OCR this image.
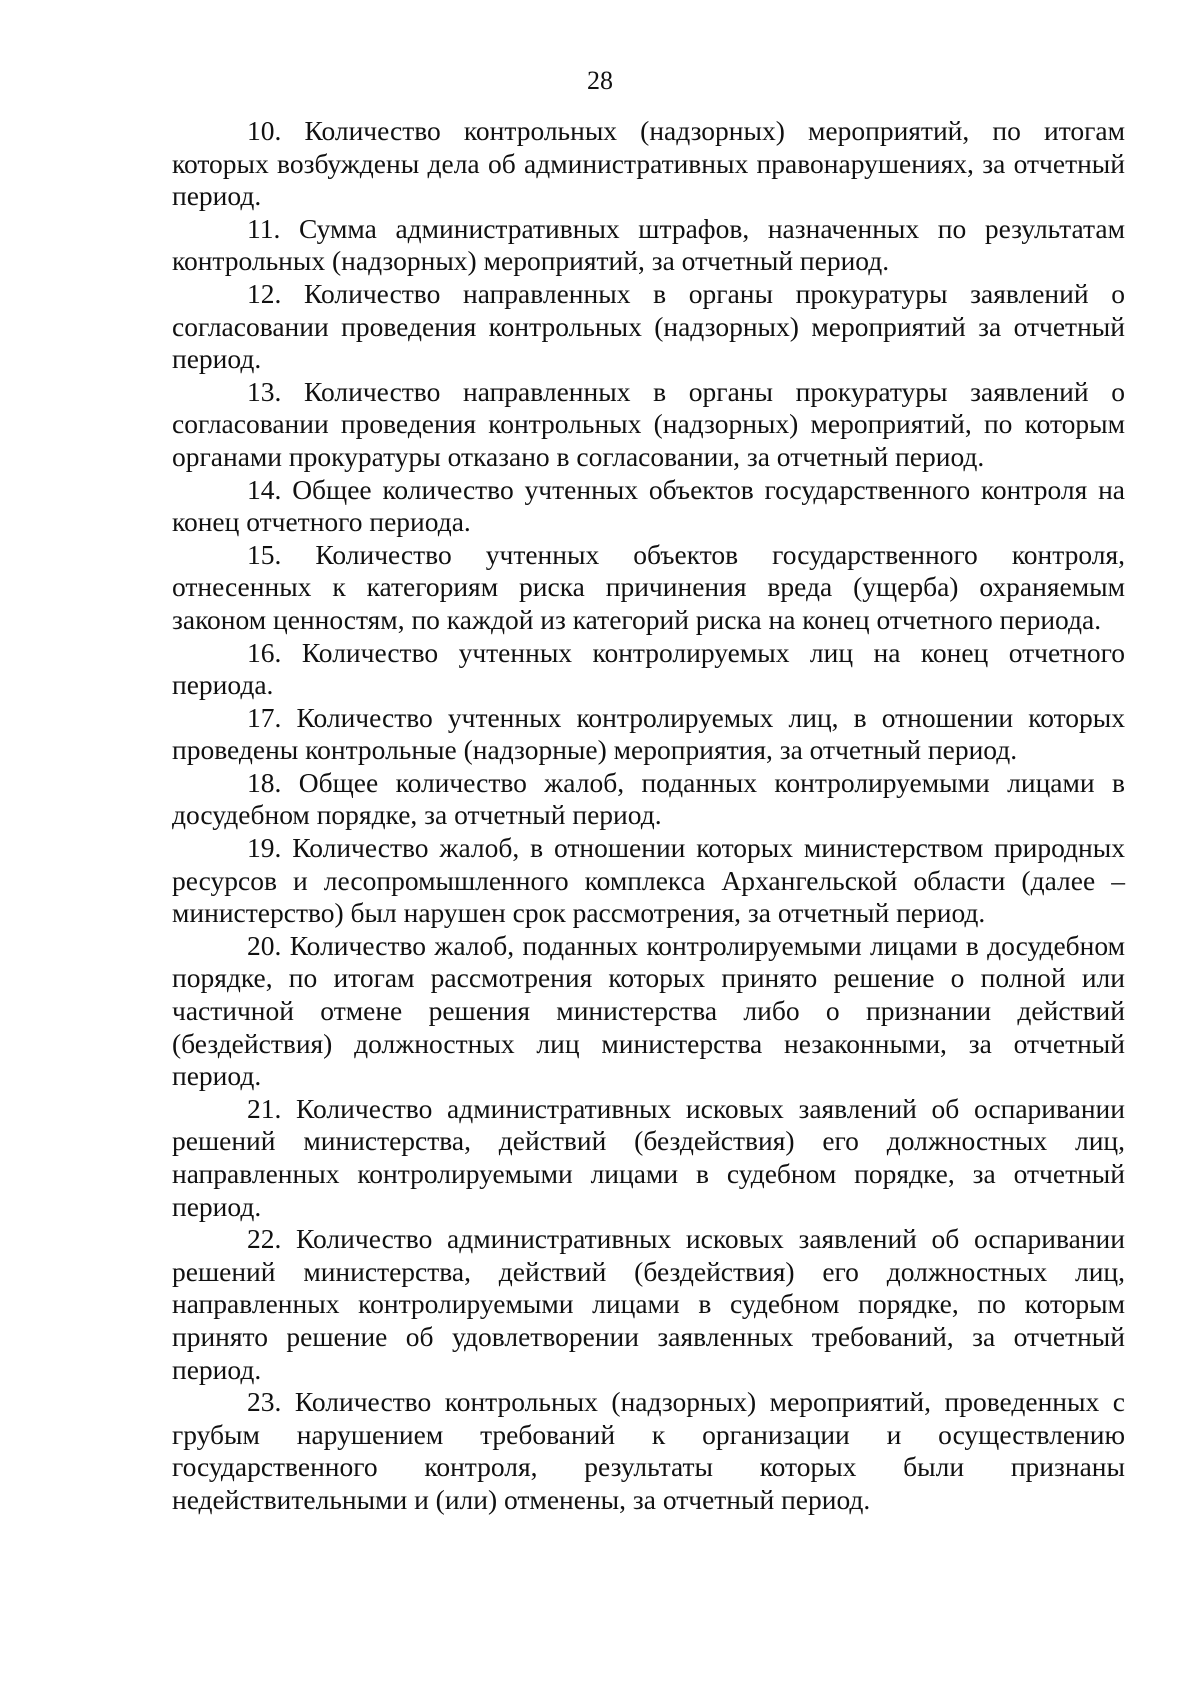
28

10. Количество контрольных (надзорных) мероприятий, по итогам которых возбуждены дела об административных правонарушениях, за отчетный период.

11. Сумма административных штрафов, назначенных по результатам контрольных (надзорных) мероприятий, за отчетный период.

12. Количество направленных в органы прокуратуры заявлений о согласовании проведения контрольных (надзорных) мероприятий за отчетный период.

13. Количество направленных в органы прокуратуры заявлений о согласовании проведения контрольных (надзорных) мероприятий, по которым органами прокуратуры отказано в согласовании, за отчетный период.

14. Общее количество учтенных объектов государственного контроля на конец отчетного периода.

15. Количество учтенных объектов государственного контроля, отнесенных к категориям риска причинения вреда (ущерба) охраняемым законом ценностям, по каждой из категорий риска на конец отчетного периода.

16. Количество учтенных контролируемых лиц на конец отчетного периода.

17. Количество учтенных контролируемых лиц, в отношении которых проведены контрольные (надзорные) мероприятия, за отчетный период.

18. Общее количество жалоб, поданных контролируемыми лицами в досудебном порядке, за отчетный период.

19. Количество жалоб, в отношении которых министерством природных ресурсов и лесопромышленного комплекса Архангельской области (далее – министерство) был нарушен срок рассмотрения, за отчетный период.

20. Количество жалоб, поданных контролируемыми лицами в досудебном порядке, по итогам рассмотрения которых принято решение о полной или частичной отмене решения министерства либо о признании действий (бездействия) должностных лиц министерства незаконными, за отчетный период.

21. Количество административных исковых заявлений об оспаривании решений министерства, действий (бездействия) его должностных лиц, направленных контролируемыми лицами в судебном порядке, за отчетный период.

22. Количество административных исковых заявлений об оспаривании решений министерства, действий (бездействия) его должностных лиц, направленных контролируемыми лицами в судебном порядке, по которым принято решение об удовлетворении заявленных требований, за отчетный период.

23. Количество контрольных (надзорных) мероприятий, проведенных с грубым нарушением требований к организации и осуществлению государственного контроля, результаты которых были признаны недействительными и (или) отменены, за отчетный период.
